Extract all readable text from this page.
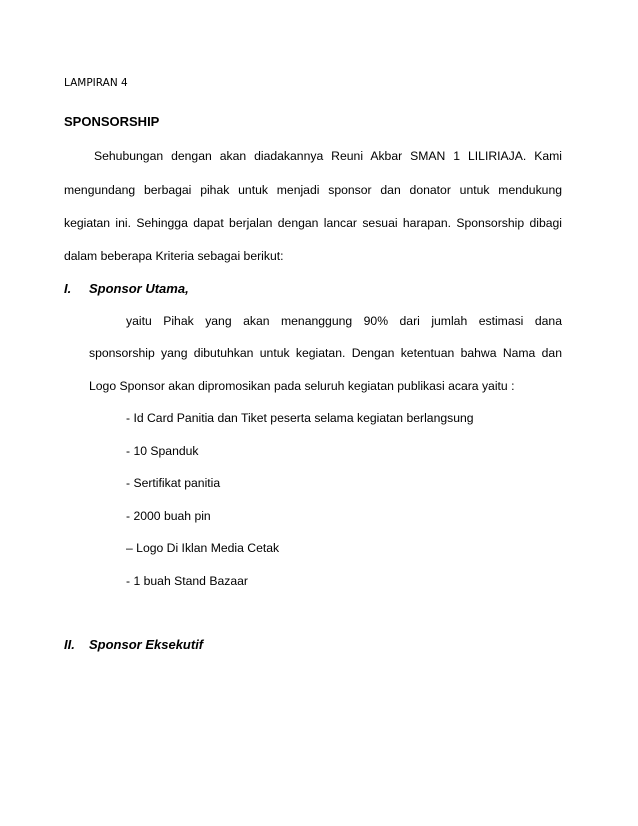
LAMPIRAN 4
SPONSORSHIP
Sehubungan dengan akan diadakannya Reuni Akbar SMAN 1 LILIRIAJA. Kami
mengundang berbagai pihak untuk menjadi sponsor dan donator untuk mendukung
kegiatan ini. Sehingga dapat berjalan dengan lancar sesuai harapan. Sponsorship dibagi
dalam beberapa Kriteria sebagai berikut:
I. Sponsor Utama,
yaitu Pihak yang akan menanggung 90% dari jumlah estimasi dana
sponsorship yang dibutuhkan untuk kegiatan. Dengan ketentuan bahwa Nama dan
Logo Sponsor akan dipromosikan pada seluruh kegiatan publikasi acara yaitu :
- Id Card Panitia dan Tiket peserta selama kegiatan berlangsung
- 10 Spanduk
- Sertifikat panitia
- 2000 buah pin
– Logo Di Iklan Media Cetak
- 1 buah Stand Bazaar
II. Sponsor Eksekutif
